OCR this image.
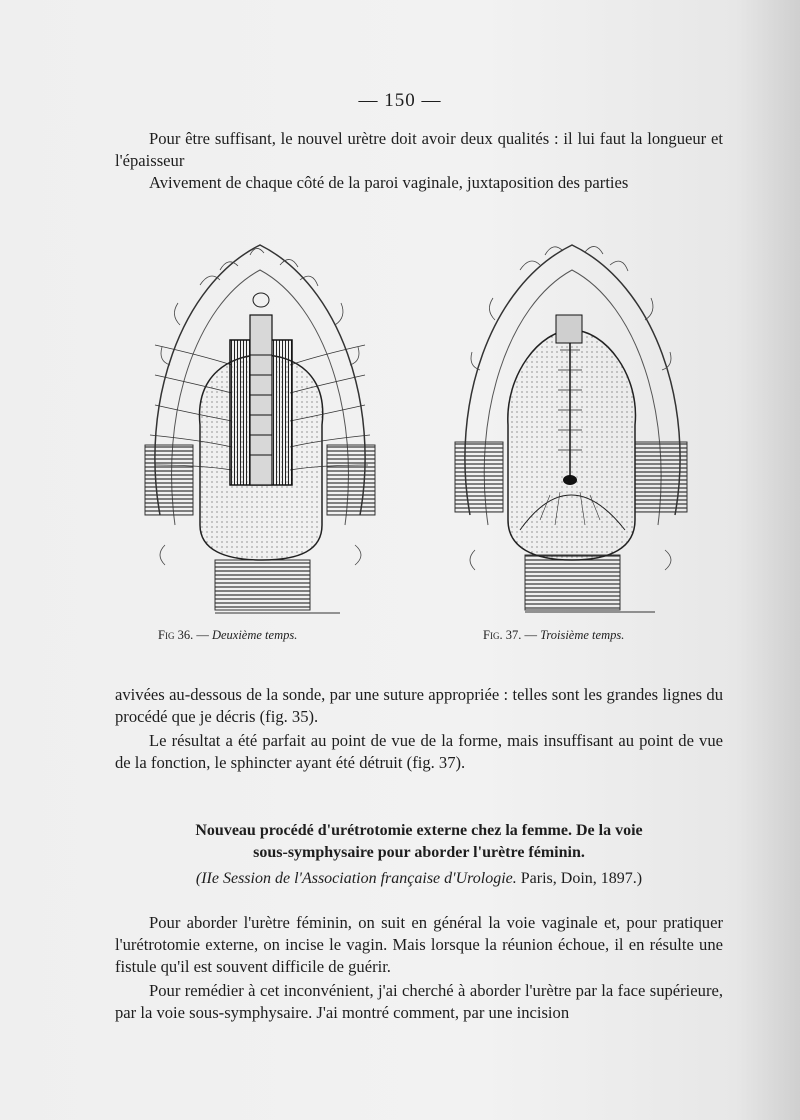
— 150 —
Pour être suffisant, le nouvel urètre doit avoir deux qualités : il lui faut la longueur et l'épaisseur
Avivement de chaque côté de la paroi vaginale, juxtaposition des parties
Fig 36. — Deuxième temps.	Fig. 37. — Troisième temps.
avivées au-dessous de la sonde, par une suture appropriée : telles sont les grandes lignes du procédé que je décris (fig. 35).
Le résultat a été parfait au point de vue de la forme, mais insuffisant au point de vue de la fonction, le sphincter ayant été détruit (fig. 37).
Nouveau procédé d'urétrotomie externe chez la femme. De la voie
sous-symphysaire pour aborder l'urètre féminin.
(IIe Session de l'Association française d'Urologie. Paris, Doin, 1897.)
Pour aborder l'urètre féminin, on suit en général la voie vaginale et, pour pratiquer l'urétrotomie externe, on incise le vagin. Mais lorsque la réunion échoue, il en résulte une fistule qu'il est souvent difficile de guérir.
Pour remédier à cet inconvénient, j'ai cherché à aborder l'urètre par la face supérieure, par la voie sous-symphysaire. J'ai montré comment, par une incision
